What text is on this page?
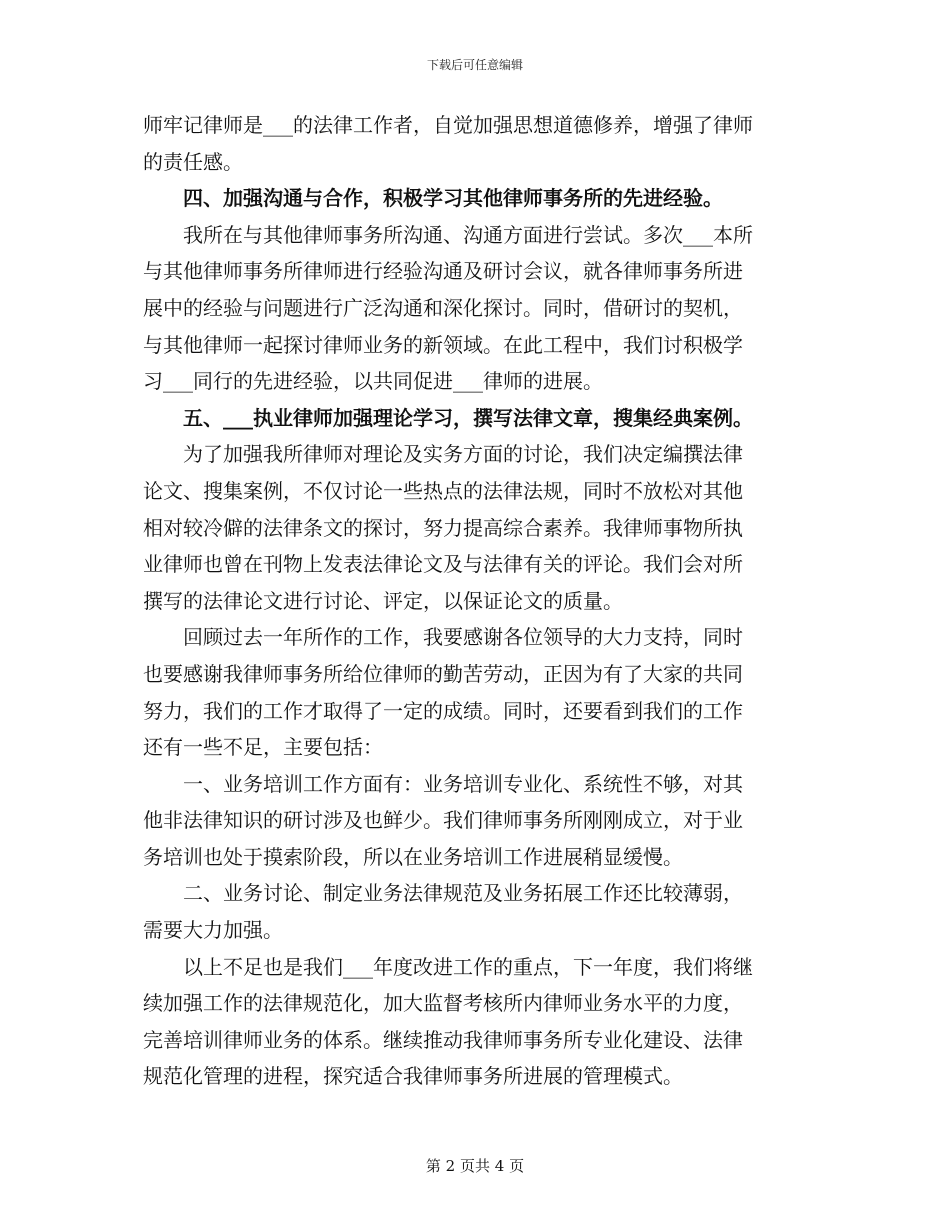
下载后可任意编辑
师牢记律师是___的法律工作者，自觉加强思想道德修养，增强了律师
的责任感。
　　四、加强沟通与合作，积极学习其他律师事务所的先进经验。
　　我所在与其他律师事务所沟通、沟通方面进行尝试。多次___本所
与其他律师事务所律师进行经验沟通及研讨会议，就各律师事务所进
展中的经验与问题进行广泛沟通和深化探讨。同时，借研讨的契机，
与其他律师一起探讨律师业务的新领域。在此工程中，我们讨积极学
习___同行的先进经验，以共同促进___律师的进展。
　　五、___执业律师加强理论学习，撰写法律文章，搜集经典案例。
　　为了加强我所律师对理论及实务方面的讨论，我们决定编撰法律
论文、搜集案例，不仅讨论一些热点的法律法规，同时不放松对其他
相对较冷僻的法律条文的探讨，努力提高综合素养。我律师事物所执
业律师也曾在刊物上发表法律论文及与法律有关的评论。我们会对所
撰写的法律论文进行讨论、评定，以保证论文的质量。
　　回顾过去一年所作的工作，我要感谢各位领导的大力支持，同时
也要感谢我律师事务所给位律师的勤苦劳动，正因为有了大家的共同
努力，我们的工作才取得了一定的成绩。同时，还要看到我们的工作
还有一些不足，主要包括：
　　一、业务培训工作方面有：业务培训专业化、系统性不够，对其
他非法律知识的研讨涉及也鲜少。我们律师事务所刚刚成立，对于业
务培训也处于摸索阶段，所以在业务培训工作进展稍显缓慢。
　　二、业务讨论、制定业务法律规范及业务拓展工作还比较薄弱，
需要大力加强。
　　以上不足也是我们___年度改进工作的重点，下一年度，我们将继
续加强工作的法律规范化，加大监督考核所内律师业务水平的力度，
完善培训律师业务的体系。继续推动我律师事务所专业化建设、法律
规范化管理的进程，探究适合我律师事务所进展的管理模式。
第 2 页共 4 页
